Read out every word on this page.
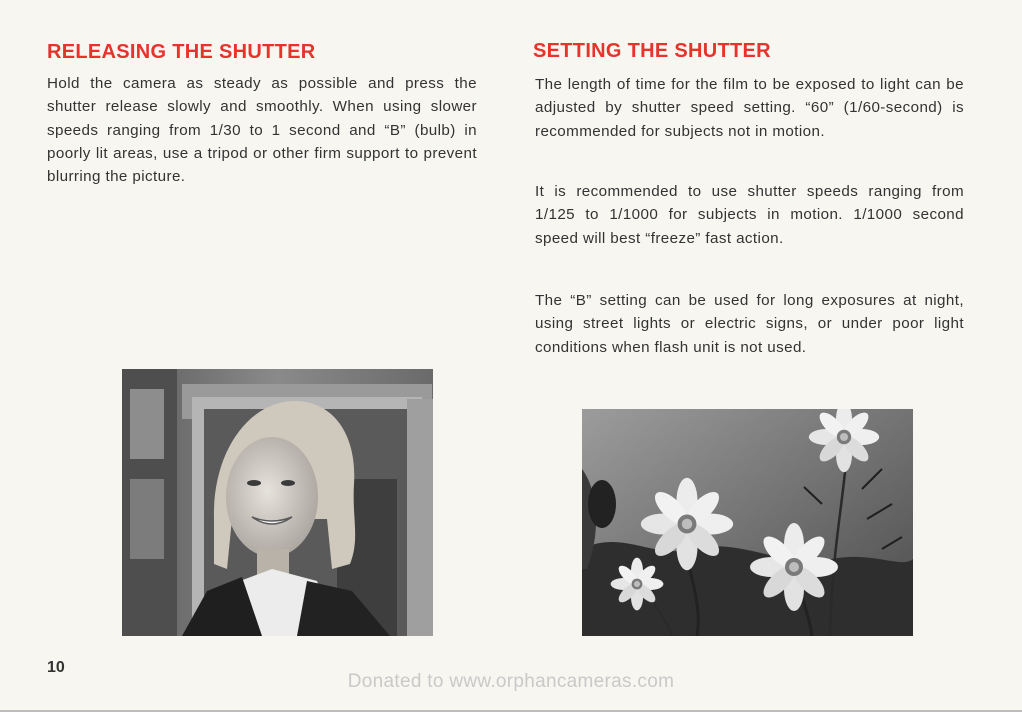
RELEASING THE SHUTTER

Hold the camera as steady as possible and press the shutter release slowly and smoothly. When using slower speeds ranging from 1/30 to 1 second and “B” (bulb) in poorly lit areas, use a tripod or other firm support to prevent blurring the picture.

SETTING THE SHUTTER

The length of time for the film to be exposed to light can be adjusted by shutter speed setting. “60” (1/60-second) is recommended for subjects not in motion.

It is recommended to use shutter speeds ranging from 1/125 to 1/1000 for subjects in motion. 1/1000 second speed will best “freeze” fast action.

The “B” setting can be used for long exposures at night, using street lights or electric signs, or under poor light conditions when flash unit is not used.

10

Donated to www.orphancameras.com
